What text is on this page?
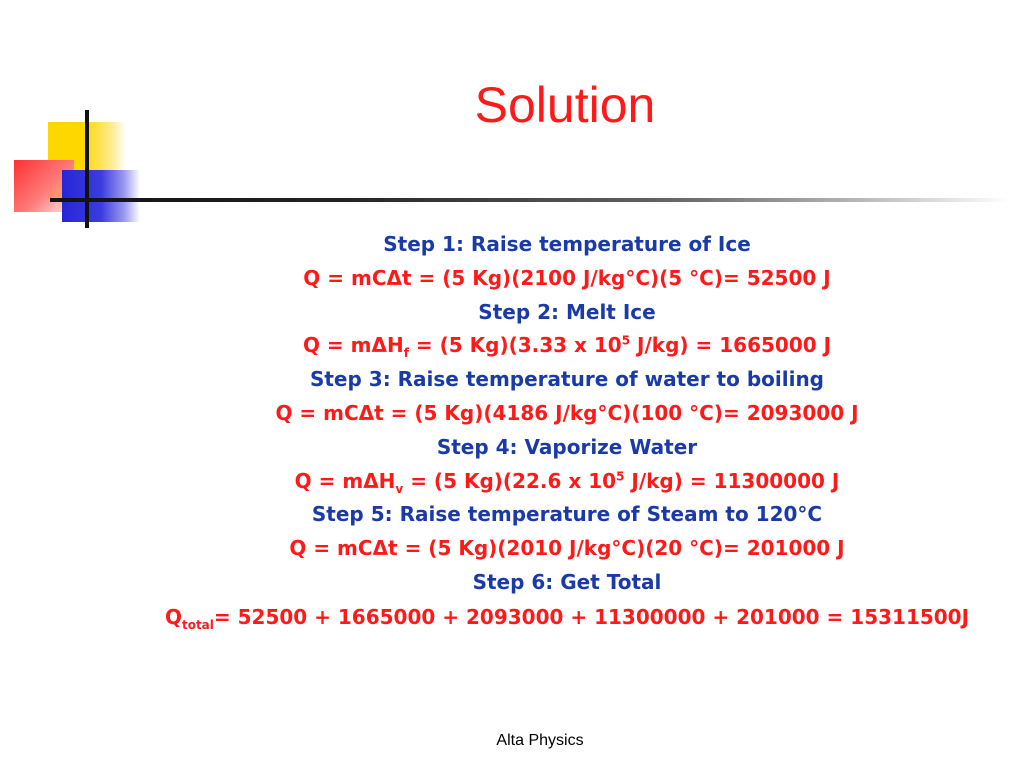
Solution
Step 1: Raise temperature of Ice
Q = mCΔt = (5 Kg)(2100 J/kg°C)(5 °C)= 52500 J
Step 2: Melt Ice
Q = mΔH$_f$ = (5 Kg)(3.33 x $10^5$ J/kg) = 1665000 J
Step 3: Raise temperature of water to boiling
Q = mCΔt = (5 Kg)(4186 J/kg°C)(100 °C)= 2093000 J
Step 4: Vaporize Water
Q = mΔH$_v$ = (5 Kg)(22.6 x $10^5$ J/kg) = 11300000 J
Step 5: Raise temperature of Steam to 120°C
Q = mCΔt = (5 Kg)(2010 J/kg°C)(20 °C)= 201000 J
Step 6: Get Total
$Q_{total}= 52500 + 1665000 + 2093000 + 11300000 + 201000 = 15311500J$
Alta Physics
